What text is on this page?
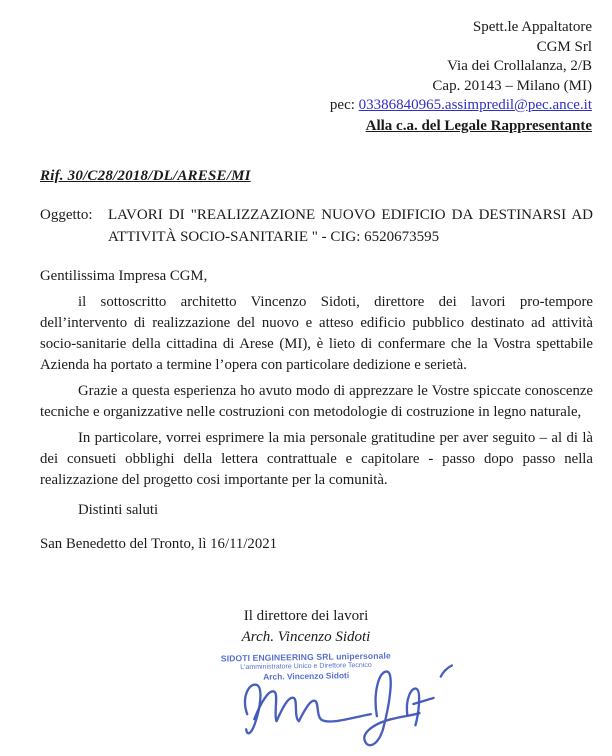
Spett.le Appaltatore
CGM Srl
Via dei Crollalanza, 2/B
Cap. 20143 – Milano (MI)
pec: 03386840965.assimpredil@pec.ance.it
Alla c.a. del Legale Rappresentante
Rif. 30/C28/2018/DL/ARESE/MI
Oggetto:	LAVORI DI "REALIZZAZIONE NUOVO EDIFICIO DA DESTINARSI AD ATTIVITÀ SOCIO-SANITARIE " - CIG: 6520673595

Gentilissima Impresa CGM,

il sottoscritto architetto Vincenzo Sidoti, direttore dei lavori pro-tempore dell’intervento di realizzazione del nuovo e atteso edificio pubblico destinato ad attività socio-sanitarie della cittadina di Arese (MI), è lieto di confermare che la Vostra spettabile Azienda ha portato a termine l’opera con particolare dedizione e serietà.

Grazie a questa esperienza ho avuto modo di apprezzare le Vostre spiccate conoscenze tecniche e organizzative nelle costruzioni con metodologie di costruzione in legno naturale,

In particolare, vorrei esprimere la mia personale gratitudine per aver seguito – al di là dei consueti obblighi della lettera contrattuale e capitolare - passo dopo passo nella realizzazione del progetto cosi importante per la comunità.

Distinti saluti

San Benedetto del Tronto, lì 16/11/2021

Il direttore dei lavori
Arch. Vincenzo Sidoti
SIDOTI ENGINEERING SRL unipersonale
L'amministratore Unico e Direttore Tecnico
Arch. Vincenzo Sidoti
